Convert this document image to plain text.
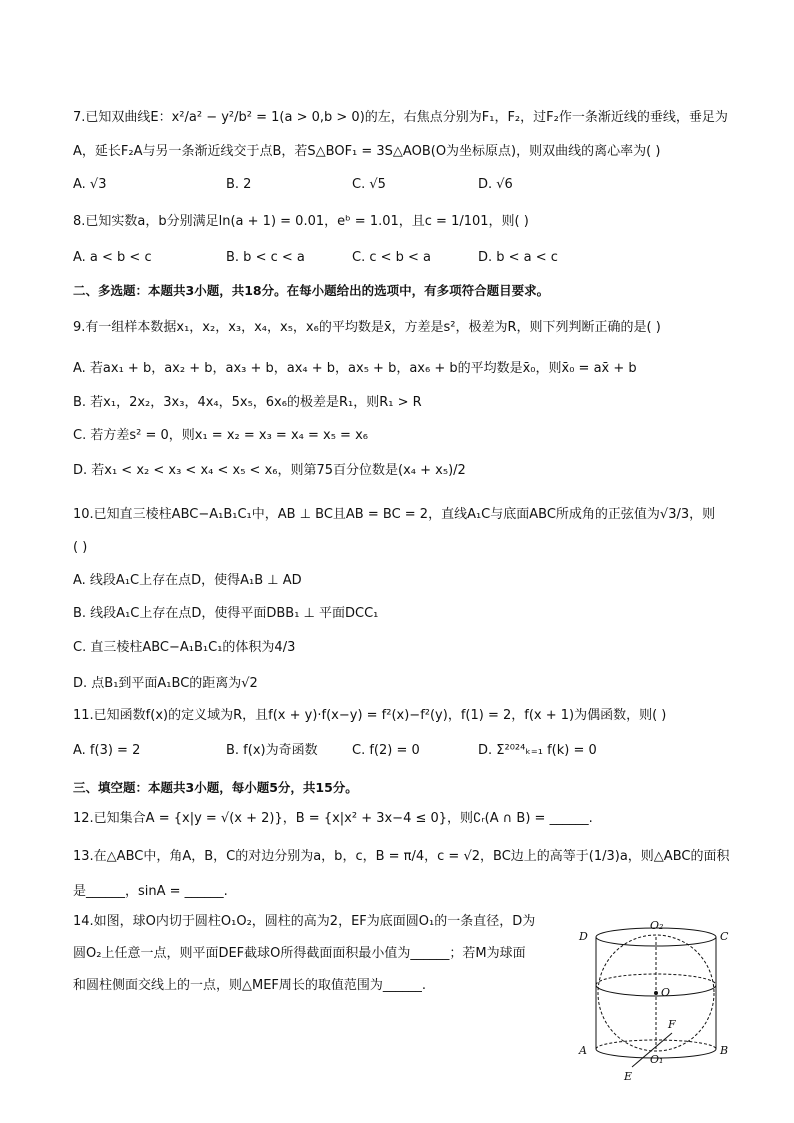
7.已知双曲线E：x²/a² − y²/b² = 1(a > 0,b > 0)的左，右焦点分别为F₁，F₂，过F₂作一条渐近线的垂线，垂足为
A，延长F₂A与另一条渐近线交于点B，若S△BOF₁ = 3S△AOB(O为坐标原点)，则双曲线的离心率为( )
A. √3	B. 2	C. √5	D. √6
8.已知实数a，b分别满足ln(a + 1) = 0.01，eᵇ = 1.01，且c = 1/101，则( )
A. a < b < c	B. b < c < a	C. c < b < a	D. b < a < c
二、多选题：本题共3小题，共18分。在每小题给出的选项中，有多项符合题目要求。
9.有一组样本数据x₁，x₂，x₃，x₄，x₅，x₆的平均数是x̄，方差是s²，极差为R，则下列判断正确的是( )
A. 若ax₁ + b，ax₂ + b，ax₃ + b，ax₄ + b，ax₅ + b，ax₆ + b的平均数是x̄₀，则x̄₀ = ax̄ + b
B. 若x₁，2x₂，3x₃，4x₄，5x₅，6x₆的极差是R₁，则R₁ > R
C. 若方差s² = 0，则x₁ = x₂ = x₃ = x₄ = x₅ = x₆
D. 若x₁ < x₂ < x₃ < x₄ < x₅ < x₆，则第75百分位数是(x₄ + x₅)/2
10.已知直三棱柱ABC−A₁B₁C₁中，AB ⊥ BC且AB = BC = 2，直线A₁C与底面ABC所成角的正弦值为√3/3，则
( )
A. 线段A₁C上存在点D，使得A₁B ⊥ AD
B. 线段A₁C上存在点D，使得平面DBB₁ ⊥ 平面DCC₁
C. 直三棱柱ABC−A₁B₁C₁的体积为4/3
D. 点B₁到平面A₁BC的距离为√2
11.已知函数f(x)的定义域为R，且f(x + y)·f(x−y) = f²(x)−f²(y)，f(1) = 2，f(x + 1)为偶函数，则( )
A. f(3) = 2	B. f(x)为奇函数	C. f(2) = 0	D. Σ²⁰²⁴ₖ₌₁ f(k) = 0
三、填空题：本题共3小题，每小题5分，共15分。
12.已知集合A = {x|y = √(x + 2)}，B = {x|x² + 3x−4 ≤ 0}，则∁ᵣ(A ∩ B) = ______.
13.在△ABC中，角A，B，C的对边分别为a，b，c，B = π/4，c = √2，BC边上的高等于(1/3)a，则△ABC的面积
是______，sinA = ______.
14.如图，球O内切于圆柱O₁O₂，圆柱的高为2，EF为底面圆O₁的一条直径，D为
圆O₂上任意一点，则平面DEF截球O所得截面面积最小值为______；若M为球面
和圆柱侧面交线上的一点，则△MEF周长的取值范围为______.
O₂
D	C
O
F
A	B
O₁
E
